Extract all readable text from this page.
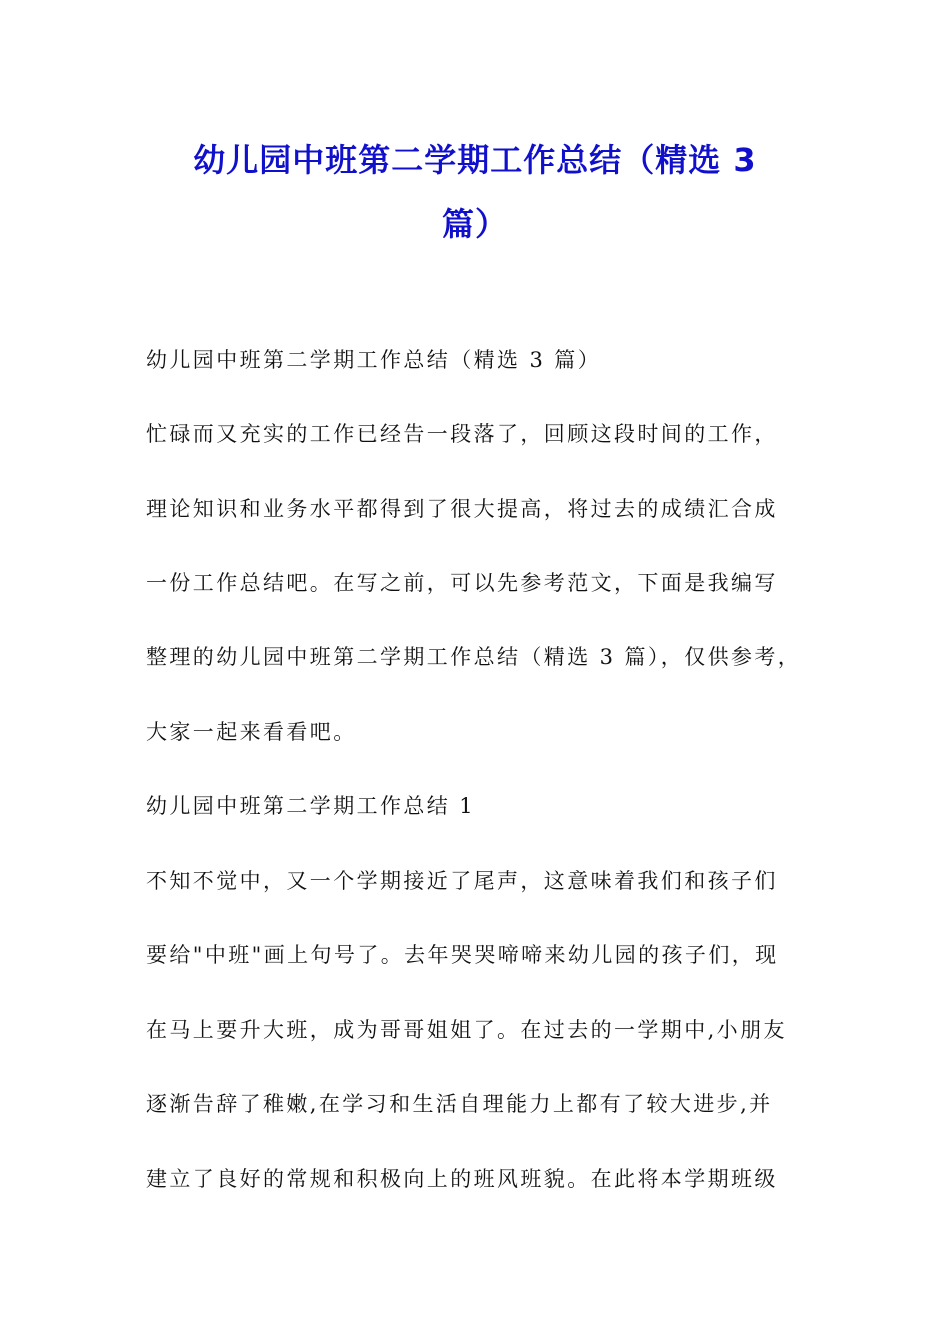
幼儿园中班第二学期工作总结（精选 3
篇）

幼儿园中班第二学期工作总结（精选 3 篇）

忙碌而又充实的工作已经告一段落了，回顾这段时间的工作，

理论知识和业务水平都得到了很大提高，将过去的成绩汇合成

一份工作总结吧。在写之前，可以先参考范文，下面是我编写

整理的幼儿园中班第二学期工作总结（精选 3 篇），仅供参考，

大家一起来看看吧。

幼儿园中班第二学期工作总结 1

不知不觉中，又一个学期接近了尾声，这意味着我们和孩子们

要给"中班"画上句号了。去年哭哭啼啼来幼儿园的孩子们，现

在马上要升大班，成为哥哥姐姐了。在过去的一学期中,小朋友

逐渐告辞了稚嫩,在学习和生活自理能力上都有了较大进步,并

建立了良好的常规和积极向上的班风班貌。在此将本学期班级
